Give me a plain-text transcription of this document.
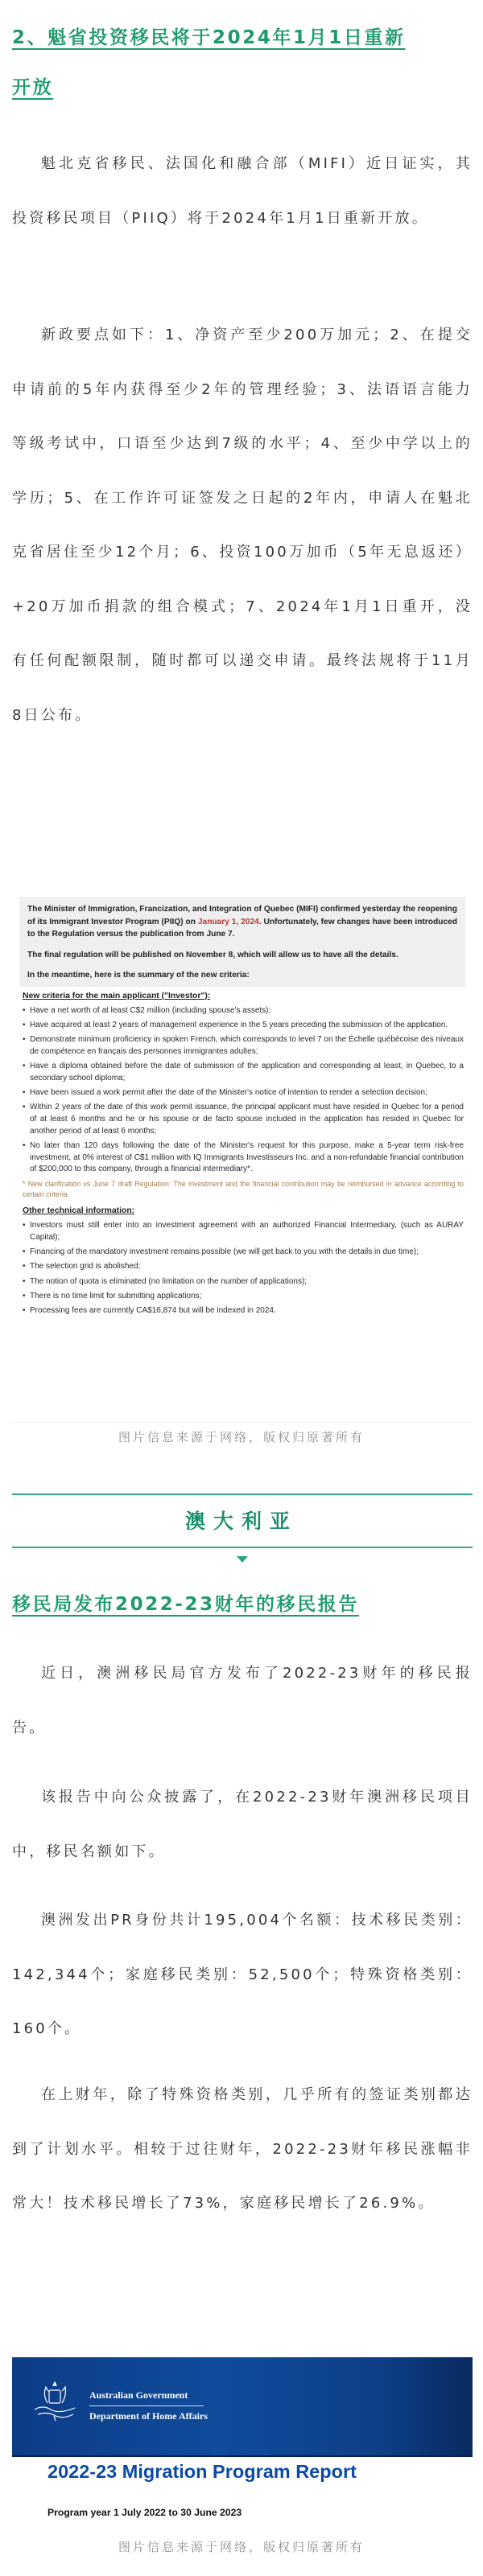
2、魁省投资移民将于2024年1月1日重新
开放

魁北克省移民、法国化和融合部（MIFI）近日证实，其投资移民项目（PIIQ）将于2024年1月1日重新开放。

新政要点如下：1、净资产至少200万加元；2、在提交申请前的5年内获得至少2年的管理经验；3、法语语言能力等级考试中，口语至少达到7级的水平；4、至少中学以上的学历；5、在工作许可证签发之日起的2年内，申请人在魁北克省居住至少12个月；6、投资100万加币（5年无息返还）+20万加币捐款的组合模式；7、2024年1月1日重开，没有任何配额限制，随时都可以递交申请。最终法规将于11月8日公布。

The Minister of Immigration, Francization, and Integration of Quebec (MIFI) confirmed yesterday the reopening of its Immigrant Investor Program (PIIQ) on January 1, 2024. Unfortunately, few changes have been introduced to the Regulation versus the publication from June 7.

The final regulation will be published on November 8, which will allow us to have all the details.

In the meantime, here is the summary of the new criteria:

New criteria for the main applicant ("Investor"):
• Have a net worth of at least C$2 million (including spouse's assets);
• Have acquired at least 2 years of management experience in the 5 years preceding the submission of the application.
• Demonstrate minimum proficiency in spoken French, which corresponds to level 7 on the Échelle québécoise des niveaux de compétence en français des personnes immigrantes adultes;
• Have a diploma obtained before the date of submission of the application and corresponding at least, in Quebec, to a secondary school diploma;
• Have been issued a work permit after the date of the Minister's notice of intention to render a selection decision;
• Within 2 years of the date of this work permit issuance, the principal applicant must have resided in Quebec for a period of at least 6 months and he or his spouse or de facto spouse included in the application has resided in Quebec for another period of at least 6 months;
• No later than 120 days following the date of the Minister's request for this purpose, make a 5-year term risk-free investment, at 0% interest of C$1 million with IQ Immigrants Investisseurs Inc. and a non-refundable financial contribution of $200,000 to this company, through a financial intermediary*.
* New clarification vs June 7 draft Regulation: The investment and the financial contribution may be reimbursed in advance according to certain criteria.
Other technical information:
• Investors must still enter into an investment agreement with an authorized Financial Intermediary, (such as AURAY Capital);
• Financing of the mandatory investment remains possible (we will get back to you with the details in due time);
• The selection grid is abolished;
• The notion of quota is eliminated (no limitation on the number of applications);
• There is no time limit for submitting applications;
• Processing fees are currently CA$16,874 but will be indexed in 2024.
图片信息来源于网络，版权归原著所有
澳大利亚
移民局发布2022-23财年的移民报告

近日，澳洲移民局官方发布了2022-23财年的移民报告。

该报告中向公众披露了，在2022-23财年澳洲移民项目中，移民名额如下。

澳洲发出PR身份共计195,004个名额：技术移民类别：142,344个；家庭移民类别：52,500个；特殊资格类别：160个。

在上财年，除了特殊资格类别，几乎所有的签证类别都达到了计划水平。相较于过往财年，2022-23财年移民涨幅非常大！技术移民增长了73%，家庭移民增长了26.9%。

Australian Government
Department of Home Affairs
2022-23 Migration Program Report
Program year 1 July 2022 to 30 June 2023
图片信息来源于网络，版权归原著所有
